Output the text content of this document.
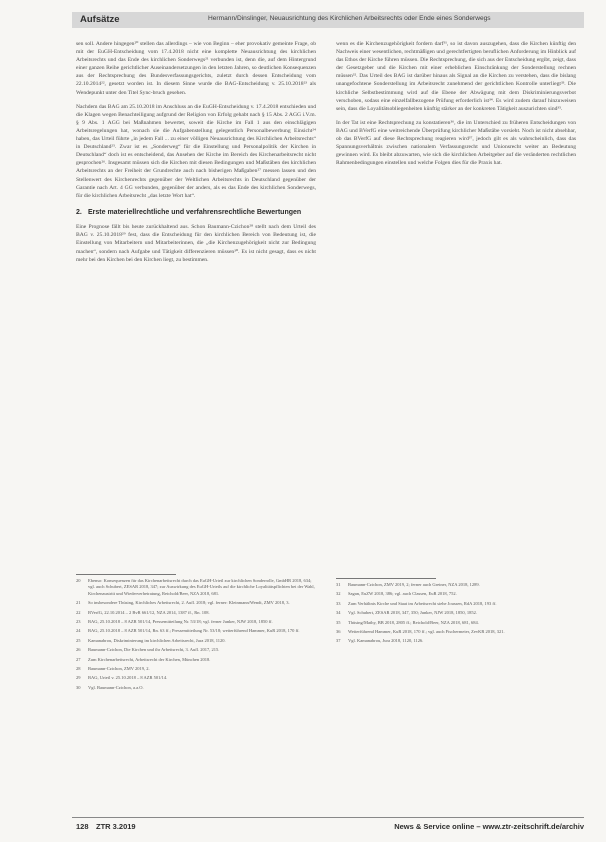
Aufsätze	Hermann/Dinslinger, Neuausrichtung des Kirchlichen Arbeitsrechts oder Ende eines Sonderwegs

sen soll. Andere hingegen²⁰ stellen das allerdings – wie von Beginn – eher provokativ gemeinte Frage, ob mit der EuGH-Entscheidung vom 17.4.2018 nicht eine komplette Neuausrichtung des kirchlichen Arbeitsrechts und das Ende des kirchlichen Sonderwegs²¹ verbunden ist, denn die, auf dem Hintergrund einer ganzen Reihe gerichtlicher Auseinandersetzungen in den letzten Jahren, so deutlichen Konsequenzen aus der Rechtsprechung des Bundesverfassungsgerichts, zuletzt durch dessen Entscheidung vom 22.10.2014²², gesetzt worden ist. In diesem Sinne wurde die BAG-Entscheidung v. 25.10.2018²³ als Wendepunkt unter den Titel Sync-bruch gesehen.

Nachdem das BAG am 25.10.2018 im Anschluss an die EuGH-Entscheidung v. 17.4.2018 entschieden und die Klagen wegen Benachteiligung aufgrund der Religion von Erfolg gehabt nach § 15 Abs. 2 AGG i.V.m. § 9 Abs. 1 AGG bei Maßnahmen bewertet, soweit die Kirche im Fall 1 aus den einschlägigen Arbeitsregelungen hat, wonach sie die Aufgabenstellung gelegentlich Personalbewerbung Einsicht²⁴ haben, das Urteil führte „in jedem Fall ... zu einer völligen Neuausrichtung des Kirchlichen Arbeitsrechts“ in Deutschland²⁵. Zwar ist es „Sonderweg“ für die Einstellung und Personalpolitik der Kirchen in Deutschland“ doch ist es entscheidend, das Ansehen der Kirche im Bereich des Kirchenarbeitsrecht nicht gesprochen²⁶. Insgesamt müssen sich die Kirchen mit diesen Bedingungen und Maßstäben des kirchlichen Arbeitsrechts an der Freiheit der Grundrechte auch nach bisherigen Maßgaben²⁷ messen lassen und den Stellenwert des Kirchenrechts gegenüber der Weltlichen Arbeitsrechts in Deutschland gegenüber der Garantie nach Art. 4 GG verbunden, gegenüber der anders, als es das Ende des kirchlichen Sonderwegs, für die kirchlichen Arbeitsrecht „das letzte Wort hat“.

2. Erste materiellrechtliche und verfahrensrechtliche Bewertungen

Eine Prognose fällt bis heute zurückhaltend aus. Schon Baumann-Czichon²⁸ stellt nach dem Urteil des BAG v. 25.10.2018²⁹ fest, dass die Entscheidung für den kirchlichen Bereich von Bedeutung ist, die Einstellung von Mitarbeitern und Mitarbeiterinnen, die „die Kirchenzugehörigkeit nicht zur Bedingung machen“, sondern nach Aufgabe und Tätigkeit differenzieren müssen³⁰. Es ist nicht gesagt, dass es nicht mehr bei den Kirchen bei den Kirchen liegt, zu bestimmen.

20 Ebenso: Konsequenzen für das Kirchenarbeitsrecht durch das EuGH-Urteil zur kirchlichen Sonderrolle, GmbHR 2018, 634; vgl. auch Schubert, ZESAR 2018, 347; zur Auswirkung des EuGH-Urteils auf die kirchliche Loyalitätspflichten bei der Wahl, Kirchenaustritt und Wiederverheiratung, Reichold/Beer, NZA 2018, 681.
21 So insbesondere Thüsing, Kirchliches Arbeitsrecht, 2. Aufl. 2018; vgl. ferner: Kleinmann/Wendt, ZMV 2018, 3.
22 BVerfG, 22.10.2014 – 2 BvR 661/12, NZA 2014, 1387 ff., Rn. 108.
23 BAG, 25.10.2018 – 8 AZR 501/14, Pressemitteilung Nr. 53/18; vgl. ferner Junker, NJW 2018, 1850 ff.
24 BAG, 25.10.2018 – 8 AZR 501/14, Rn. 63 ff.; Pressemitteilung Nr. 53/18; weiterführend Hammer, KuR 2018, 170 ff.
25 Kamanabrou, Diskriminierung im kirchlichen Arbeitsrecht, Jura 2018, 1120.
26 Baumann-Czichon, Die Kirchen und ihr Arbeitsrecht, 3. Aufl. 2017, 215.
27 Zum Kirchenarbeitsrecht, Arbeitsrecht der Kirchen, München 2018.
28 Baumann-Czichon, ZMV 2019, 2.
29 BAG, Urteil v. 25.10.2018 – 8 AZR 501/14.
30 Vgl. Baumann-Czichon, a.a.O.

wenn es die Kirchenzugehörigkeit fordern darf³¹, so ist davon auszugehen, dass die Kirchen künftig den Nachweis einer wesentlichen, rechtmäßigen und gerechtfertigten beruflichen Anforderung im Hinblick auf das Ethos der Kirche führen müssen. Die Rechtsprechung, die sich aus der Entscheidung ergibt, zeigt, dass der Gesetzgeber und die Kirchen mit einer erheblichen Einschränkung der Sonderstellung rechnen müssen³². Das Urteil des BAG ist darüber hinaus als Signal an die Kirchen zu verstehen, dass die bislang unangefochtene Sonderstellung im Arbeitsrecht zunehmend der gerichtlichen Kontrolle unterliegt³³. Die kirchliche Selbstbestimmung wird auf die Ebene der Abwägung mit dem Diskriminierungsverbot verschoben, sodass eine einzelfallbezogene Prüfung erforderlich ist³⁴. Es wird zudem darauf hinzuweisen sein, dass die Loyalitätsobliegenheiten künftig stärker an der konkreten Tätigkeit auszurichten sind³⁵.

In der Tat ist eine Rechtsprechung zu konstatieren³⁶, die im Unterschied zu früheren Entscheidungen von BAG und BVerfG eine weitreichende Überprüfung kirchlicher Maßstäbe vorsieht. Noch ist nicht absehbar, ob das BVerfG auf diese Rechtsprechung reagieren wird³⁷, jedoch gilt es als wahrscheinlich, dass das Spannungsverhältnis zwischen nationalem Verfassungsrecht und Unionsrecht weiter an Bedeutung gewinnen wird. Es bleibt abzuwarten, wie sich die kirchlichen Arbeitgeber auf die veränderten rechtlichen Rahmenbedingungen einstellen und welche Folgen dies für die Praxis hat.

31 Baumann-Czichon, ZMV 2019, 2; ferner auch Greiner, NZA 2018, 1289.
32 Sagan, EuZW 2018, 386; vgl. auch Classen, EuR 2018, 752.
33 Zum Verhältnis Kirche und Staat im Arbeitsrecht siehe Joussen, RdA 2018, 193 ff.
34 Vgl. Schubert, ZESAR 2018, 347, 350; Junker, NJW 2018, 1850, 1852.
35 Thüsing/Mathy, BB 2018, 2805 ff.; Reichold/Beer, NZA 2018, 681, 684.
36 Weiterführend Hammer, KuR 2018, 170 ff.; vgl. auch Fischermeier, ZevKR 2018, 321.
37 Vgl. Kamanabrou, Jura 2018, 1120, 1126.
128 ZTR 3.2019	News & Service online – www.ztr-zeitschrift.de/archiv
